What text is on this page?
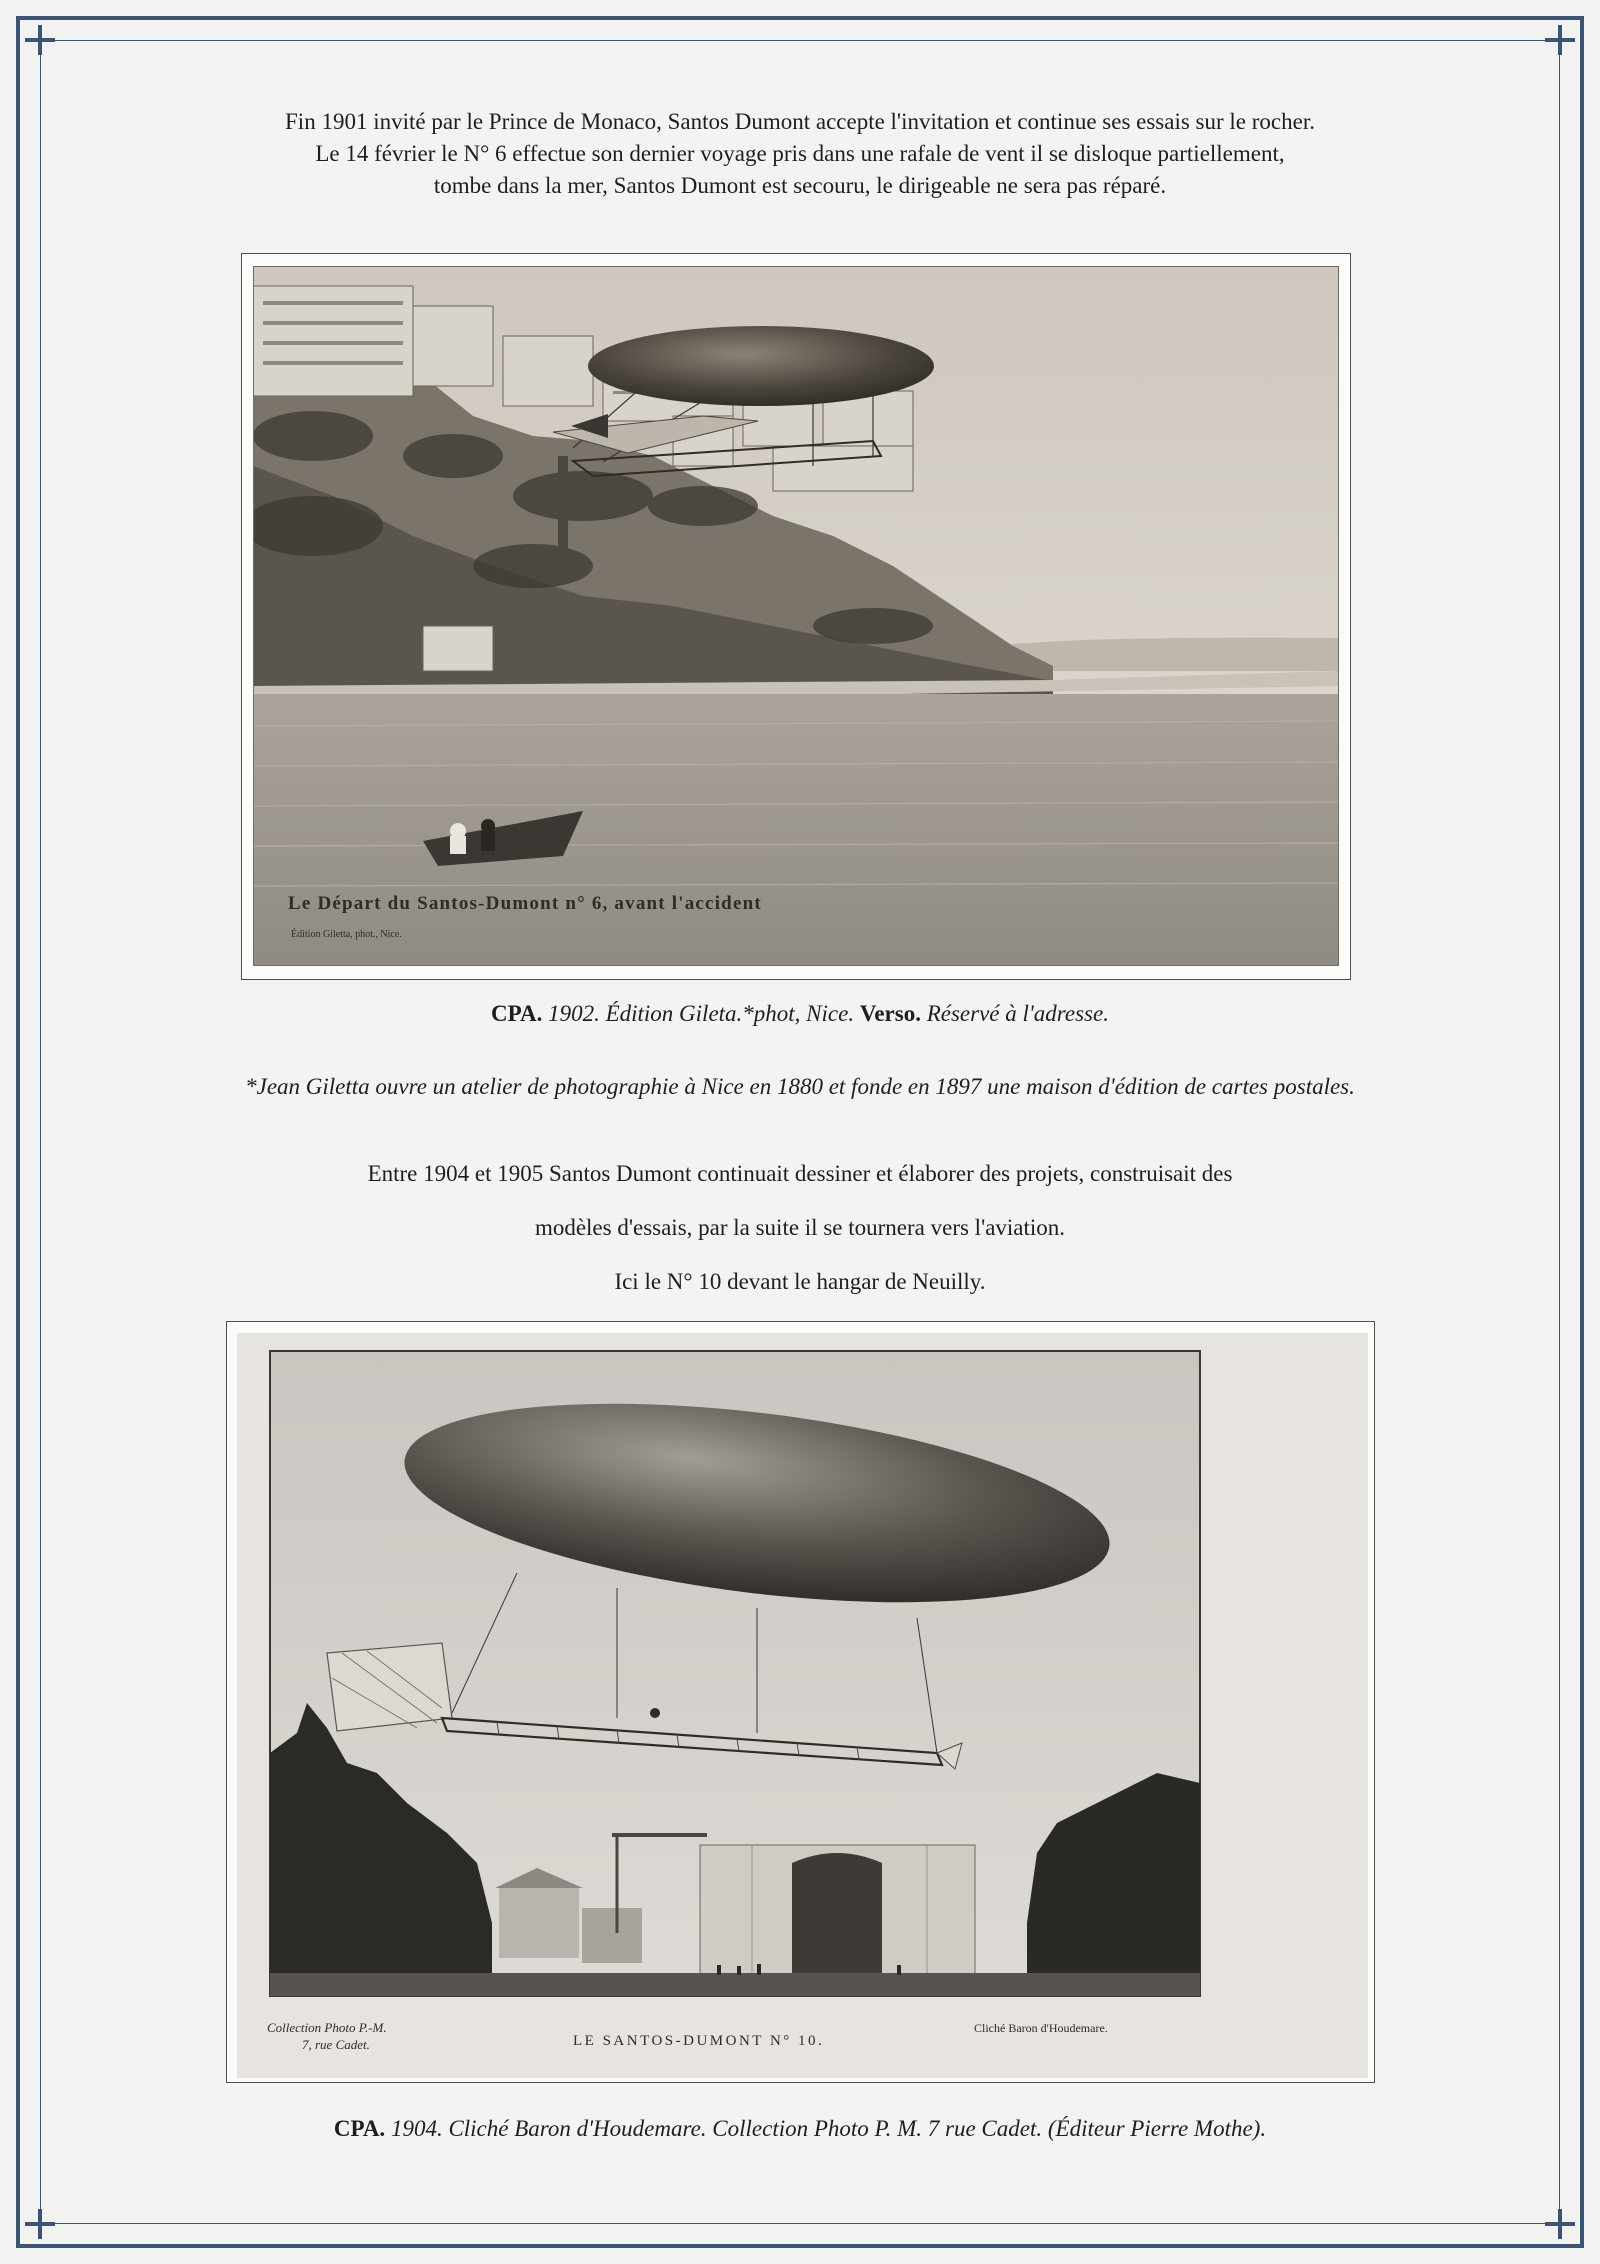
Fin 1901 invité par le Prince de Monaco, Santos Dumont accepte l'invitation et continue ses essais sur le rocher.
Le 14 février le N° 6 effectue son dernier voyage pris dans une rafale de vent il se disloque partiellement,
tombe dans la mer, Santos Dumont est secouru, le dirigeable ne sera pas réparé.
Le Départ du Santos-Dumont n° 6, avant l'accident
Édition Giletta, phot., Nice.
CPA. 1902. Édition Gileta.*phot, Nice. Verso. Réservé à l'adresse.
*Jean Giletta ouvre un atelier de photographie à Nice en 1880 et fonde en 1897 une maison d'édition de cartes postales.
Entre 1904 et 1905 Santos Dumont continuait dessiner et élaborer des projets, construisait des
modèles d'essais, par la suite il se tournera vers l'aviation.
Ici le N° 10 devant le hangar de Neuilly.
Collection Photo P.-M.
7, rue Cadet.	LE SANTOS-DUMONT N° 10.
Cliché Baron d'Houdemare.
CPA. 1904. Cliché Baron d'Houdemare. Collection Photo P. M. 7 rue Cadet. (Éditeur Pierre Mothe).
